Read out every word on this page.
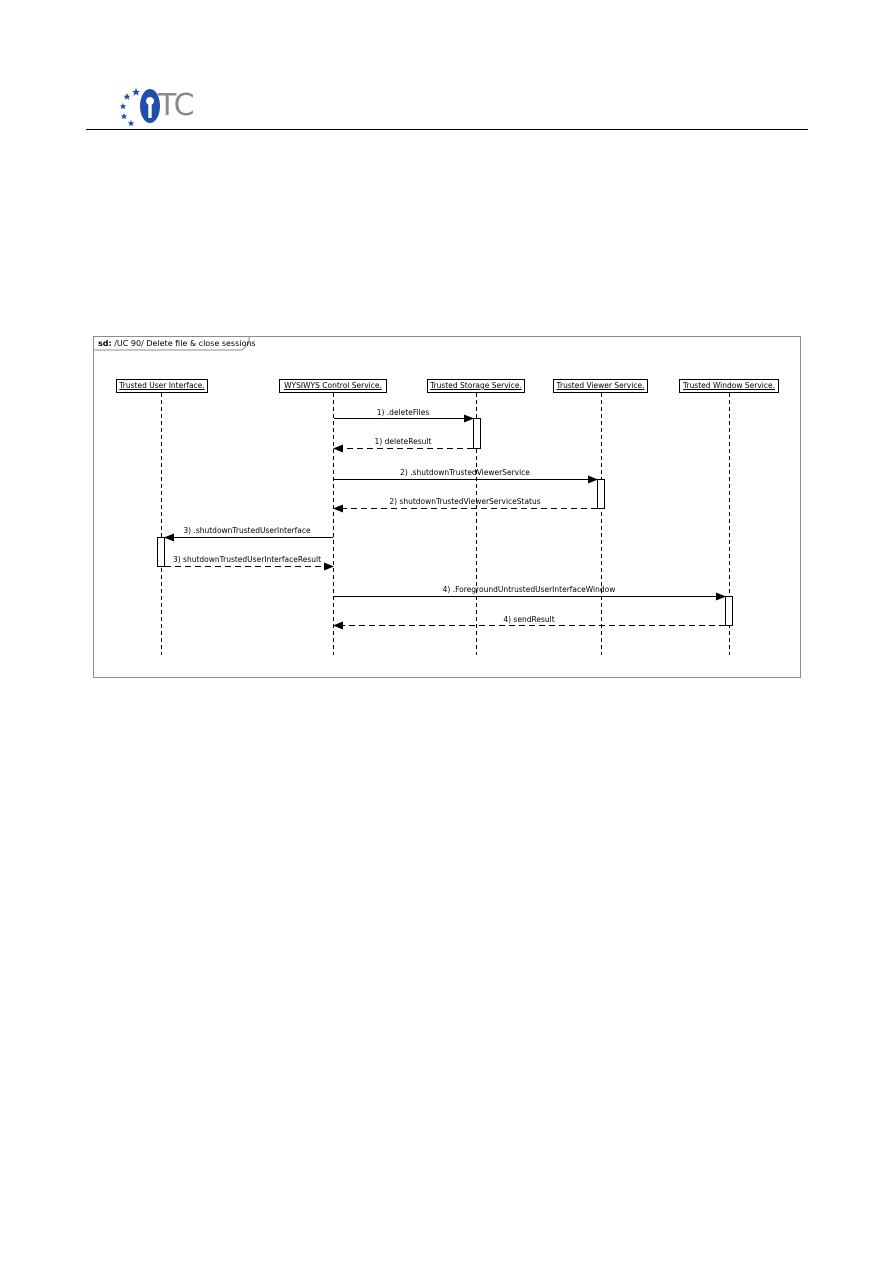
TC
sd: /UC 90/ Delete file & close sessions
Trusted User Interface.	WYSIWYS Control Service.	Trusted Storage Service.	Trusted Viewer Service.	Trusted Window Service.
1) .deleteFiles
1) deleteResult
2) .shutdownTrustedViewerService
2) shutdownTrustedViewerServiceStatus
3) .shutdownTrustedUserInterface
3) shutdownTrustedUserInterfaceResult
4) .ForegroundUntrustedUserInterfaceWindow
4) sendResult
